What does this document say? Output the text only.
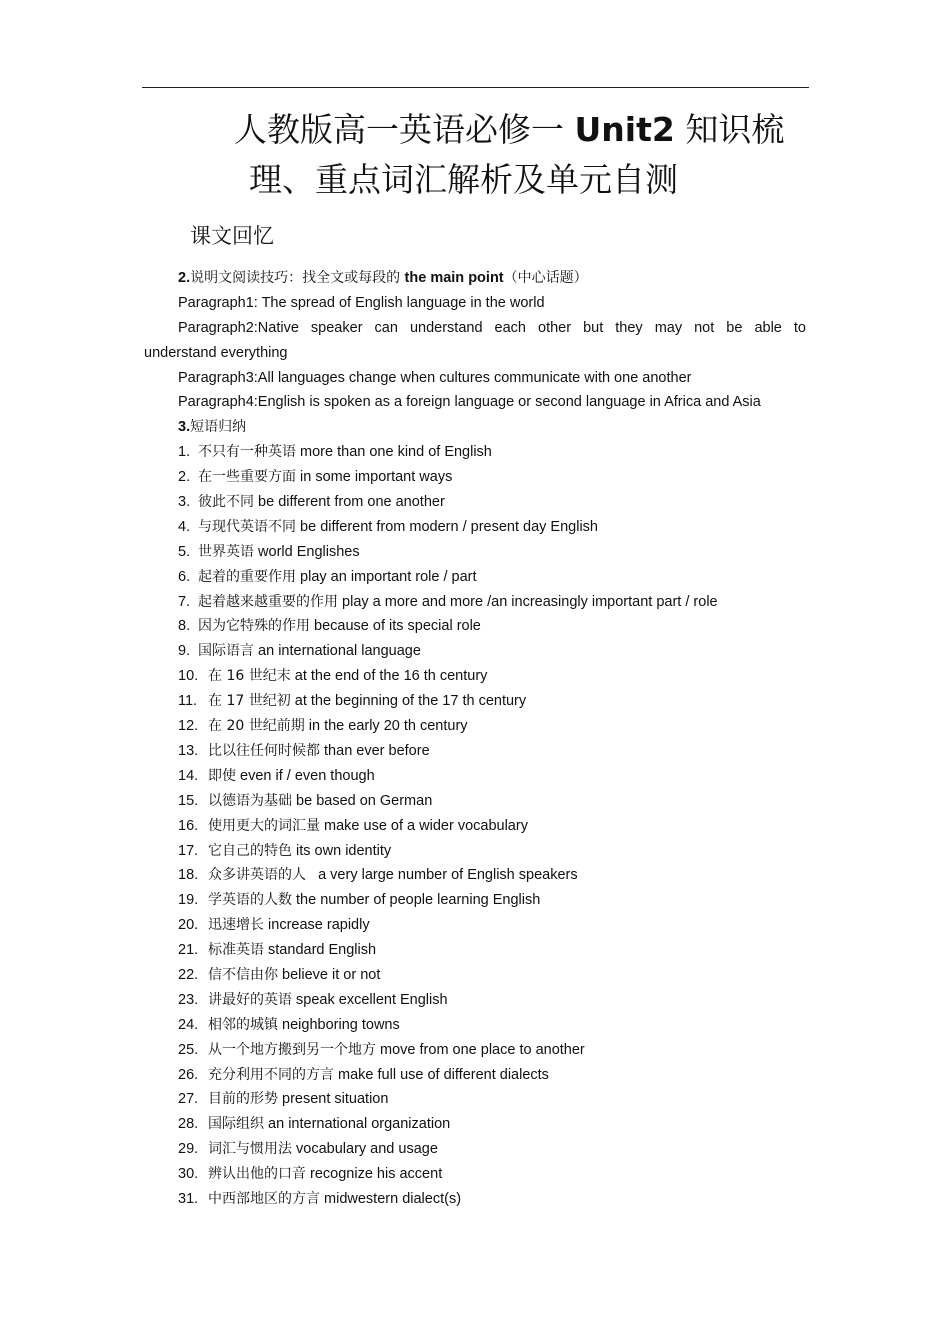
人教版高一英语必修一 Unit2 知识梳
理、重点词汇解析及单元自测
课文回忆
2.说明文阅读技巧：找全文或每段的 the main point（中心话题）
Paragraph1: The spread of English language in the world
Paragraph2:Native speaker can understand each other but they may not be able to
understand everything
Paragraph3:All languages change when cultures communicate with one another
Paragraph4:English is spoken as a foreign language or second language in Africa and Asia
3.短语归纳
1. 不只有一种英语 more than one kind of English
2. 在一些重要方面 in some important ways
3. 彼此不同 be different from one another
4. 与现代英语不同 be different from modern / present day English
5. 世界英语 world Englishes
6. 起着的重要作用 play an important role / part
7. 起着越来越重要的作用 play a more and more /an increasingly important part / role
8. 因为它特殊的作用 because of its special role
9. 国际语言 an international language
10. 在 16 世纪末 at the end of the 16 th century
11. 在 17 世纪初 at the beginning of the 17 th century
12. 在 20 世纪前期 in the early 20 th century
13. 比以往任何时候都 than ever before
14. 即使 even if / even though
15. 以德语为基础 be based on German
16. 使用更大的词汇量 make use of a wider vocabulary
17. 它自己的特色 its own identity
18. 众多讲英语的人   a very large number of English speakers
19. 学英语的人数 the number of people learning English
20. 迅速增长 increase rapidly
21. 标准英语 standard English
22. 信不信由你 believe it or not
23. 讲最好的英语 speak excellent English
24. 相邻的城镇 neighboring towns
25. 从一个地方搬到另一个地方 move from one place to another
26. 充分利用不同的方言 make full use of different dialects
27. 目前的形势 present situation
28. 国际组织 an international organization
29. 词汇与惯用法 vocabulary and usage
30. 辨认出他的口音 recognize his accent
31. 中西部地区的方言 midwestern dialect(s)
